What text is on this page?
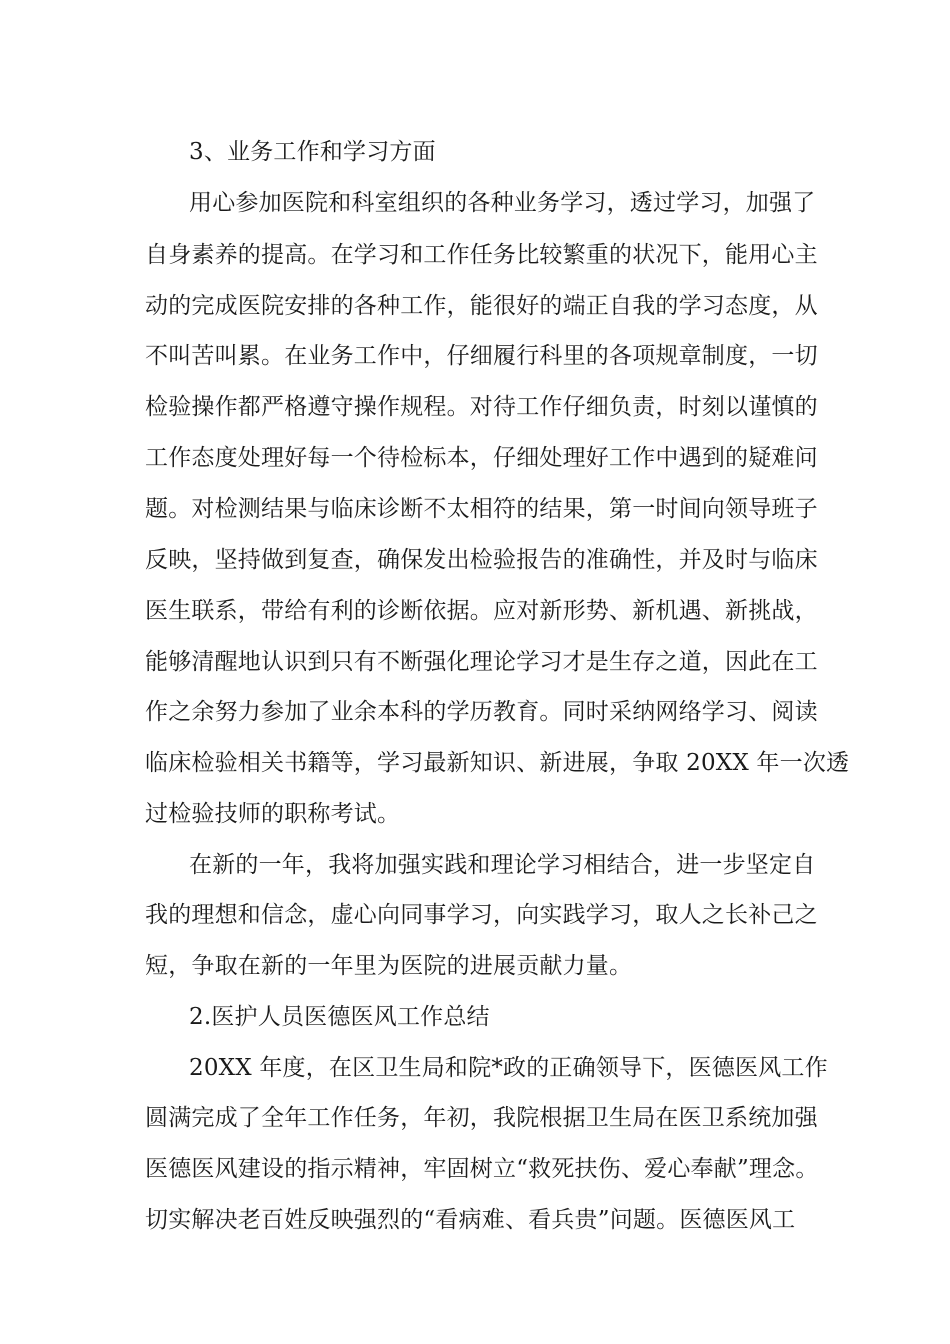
3、业务工作和学习方面
用心参加医院和科室组织的各种业务学习，透过学习，加强了
自身素养的提高。在学习和工作任务比较繁重的状况下，能用心主
动的完成医院安排的各种工作，能很好的端正自我的学习态度，从
不叫苦叫累。在业务工作中，仔细履行科里的各项规章制度，一切
检验操作都严格遵守操作规程。对待工作仔细负责，时刻以谨慎的
工作态度处理好每一个待检标本，仔细处理好工作中遇到的疑难问
题。对检测结果与临床诊断不太相符的结果，第一时间向领导班子
反映，坚持做到复查，确保发出检验报告的准确性，并及时与临床
医生联系，带给有利的诊断依据。应对新形势、新机遇、新挑战，
能够清醒地认识到只有不断强化理论学习才是生存之道，因此在工
作之余努力参加了业余本科的学历教育。同时采纳网络学习、阅读
临床检验相关书籍等，学习最新知识、新进展，争取 20XX 年一次透
过检验技师的职称考试。
在新的一年，我将加强实践和理论学习相结合，进一步坚定自
我的理想和信念，虚心向同事学习，向实践学习，取人之长补己之
短，争取在新的一年里为医院的进展贡献力量。
2.医护人员医德医风工作总结
20XX 年度，在区卫生局和院*政的正确领导下，医德医风工作
圆满完成了全年工作任务，年初，我院根据卫生局在医卫系统加强
医德医风建设的指示精神，牢固树立“救死扶伤、爱心奉献”理念。
切实解决老百姓反映强烈的“看病难、看兵贵”问题。医德医风工
